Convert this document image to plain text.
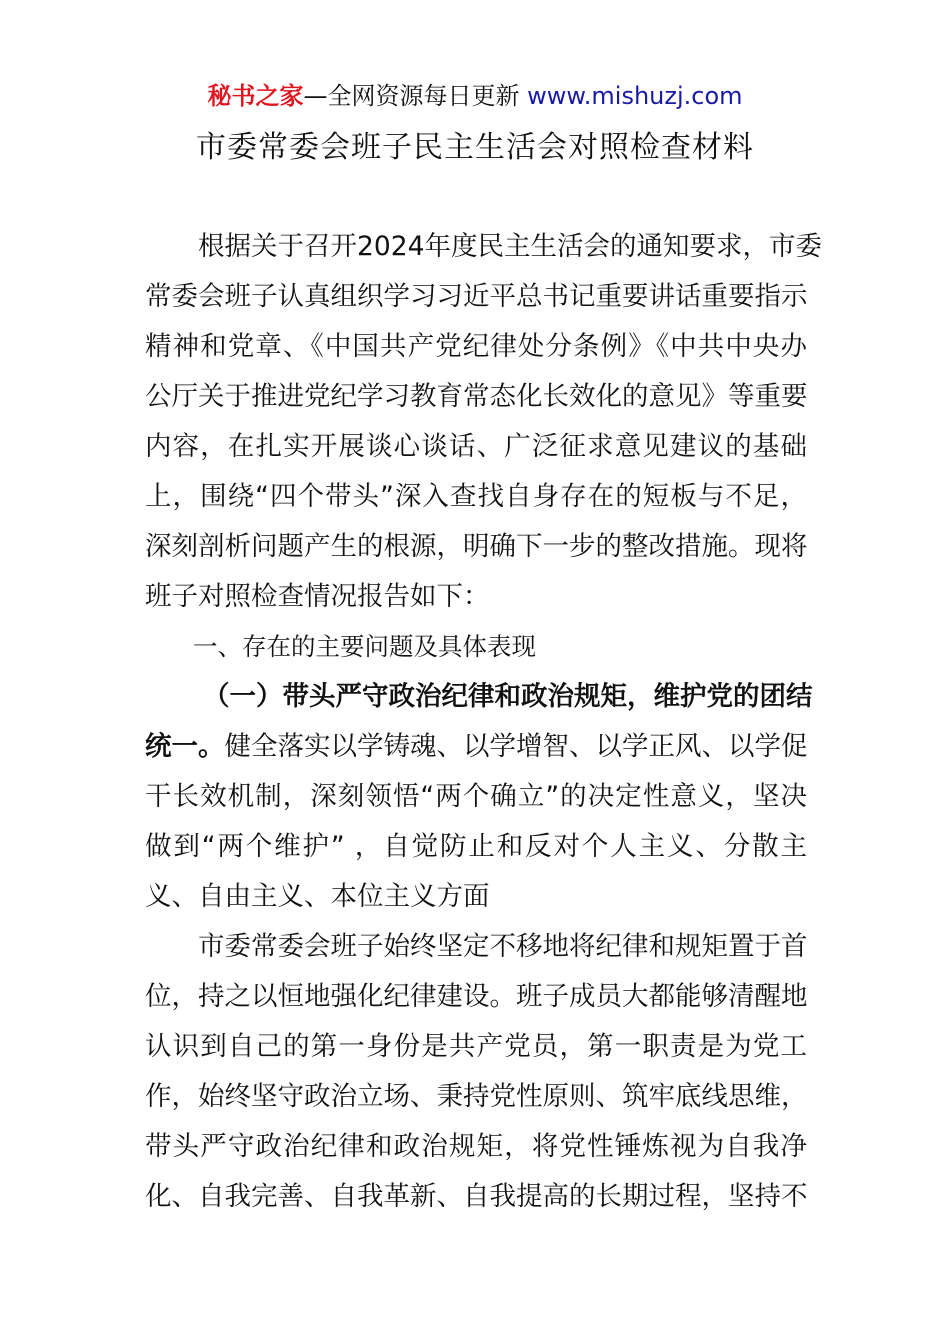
秘书之家—全网资源每日更新 www.mishuzj.com
市委常委会班子民主生活会对照检查材料
根据关于召开2024年度民主生活会的通知要求，市委
常委会班子认真组织学习习近平总书记重要讲话重要指示
精神和党章、《中国共产党纪律处分条例》《中共中央办
公厅关于推进党纪学习教育常态化长效化的意见》等重要
内容，在扎实开展谈心谈话、广泛征求意见建议的基础
上，围绕“四个带头”深入查找自身存在的短板与不足，
深刻剖析问题产生的根源，明确下一步的整改措施。现将
班子对照检查情况报告如下：
一、存在的主要问题及具体表现
（一）带头严守政治纪律和政治规矩，维护党的团结
统一。健全落实以学铸魂、以学增智、以学正风、以学促
干长效机制，深刻领悟“两个确立”的决定性意义，坚决
做到“两个维护” ，自觉防止和反对个人主义、分散主
义、自由主义、本位主义方面
市委常委会班子始终坚定不移地将纪律和规矩置于首
位，持之以恒地强化纪律建设。班子成员大都能够清醒地
认识到自己的第一身份是共产党员，第一职责是为党工
作，始终坚守政治立场、秉持党性原则、筑牢底线思维，
带头严守政治纪律和政治规矩，将党性锤炼视为自我净
化、自我完善、自我革新、自我提高的长期过程，坚持不
